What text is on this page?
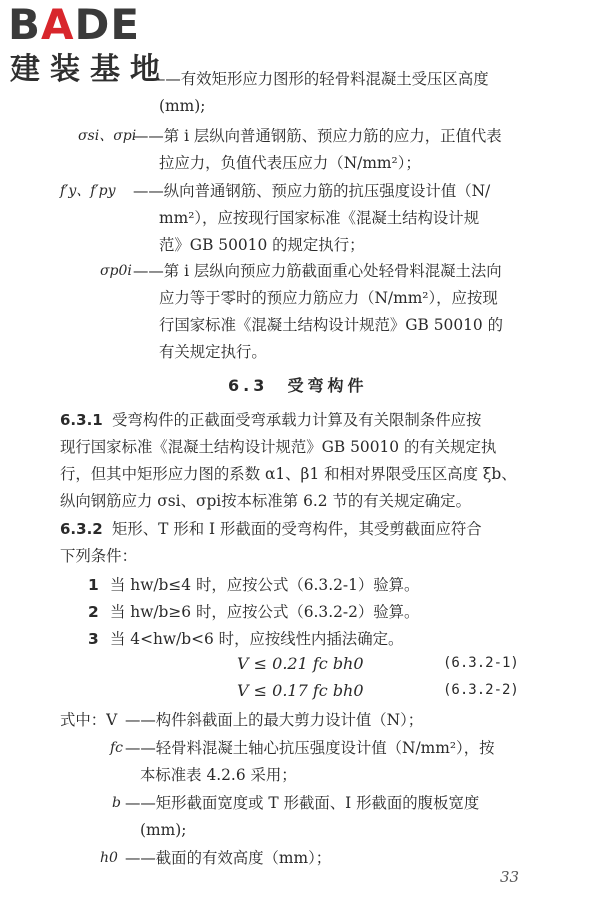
BADE
建装基地
——有效矩形应力图形的轻骨料混凝土受压区高度
(mm);
σsi、σpi
——第 i 层纵向普通钢筋、预应力筋的应力，正值代表
拉应力，负值代表压应力（N/mm²）；
f′y、f′py ——纵向普通钢筋、预应力筋的抗压强度设计值（N/
mm²），应按现行国家标准《混凝土结构设计规
范》GB 50010 的规定执行；
σp0i ——第 i 层纵向预应力筋截面重心处轻骨料混凝土法向
应力等于零时的预应力筋应力（N/mm²），应按现
行国家标准《混凝土结构设计规范》GB 50010 的
有关规定执行。
6.3 受弯构件
6.3.1 受弯构件的正截面受弯承载力计算及有关限制条件应按
现行国家标准《混凝土结构设计规范》GB 50010 的有关规定执
行，但其中矩形应力图的系数 α1、β1 和相对界限受压区高度 ξb、
纵向钢筋应力 σsi、σpi按本标准第 6.2 节的有关规定确定。
6.3.2 矩形、T 形和 I 形截面的受弯构件，其受剪截面应符合
下列条件：
1 当 hw/b≤4 时，应按公式（6.3.2-1）验算。
2 当 hw/b≥6 时，应按公式（6.3.2-2）验算。
3 当 4<hw/b<6 时，应按线性内插法确定。
V ≤ 0.21 fc bh0	(6.3.2-1)
V ≤ 0.17 fc bh0	(6.3.2-2)
式中：V ——构件斜截面上的最大剪力设计值（N）；
fc ——轻骨料混凝土轴心抗压强度设计值（N/mm²），按
本标准表 4.2.6 采用；
b ——矩形截面宽度或 T 形截面、I 形截面的腹板宽度
(mm);
h0 ——截面的有效高度（mm）；
33
